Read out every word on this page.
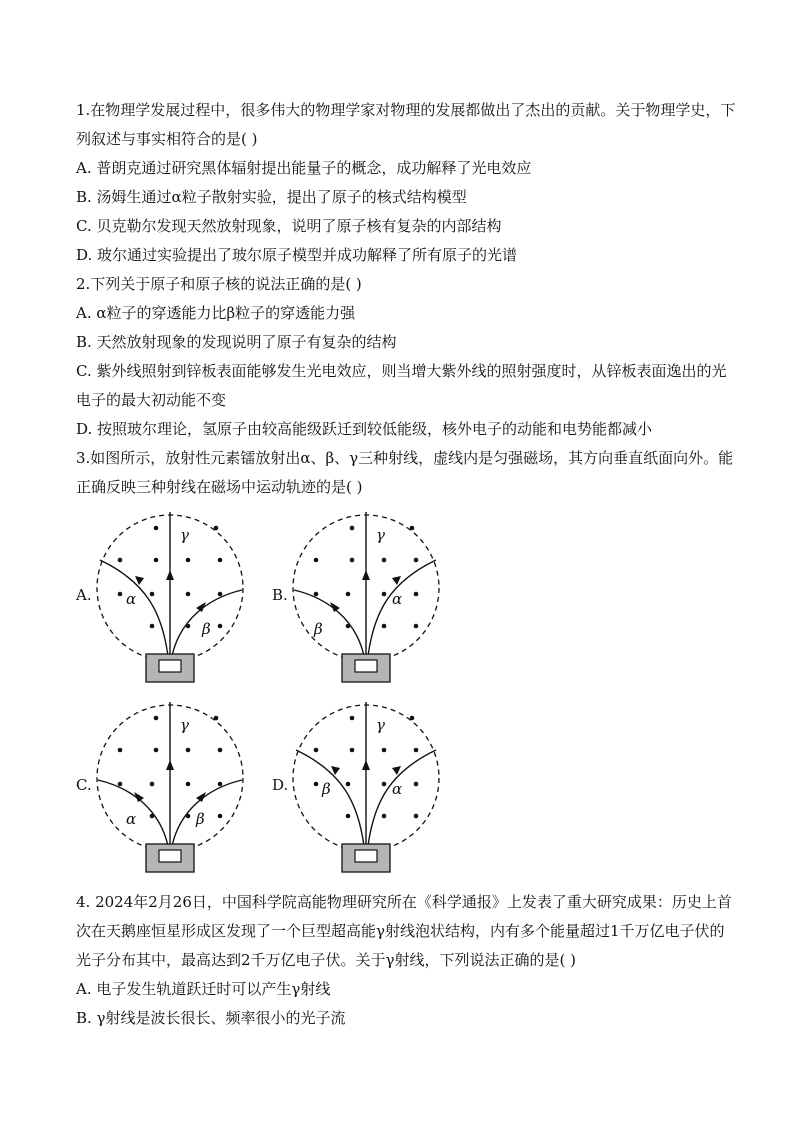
1.在物理学发展过程中，很多伟大的物理学家对物理的发展都做出了杰出的贡献。关于物理学史，下列叙述与事实相符合的是( )

A. 普朗克通过研究黑体辐射提出能量子的概念，成功解释了光电效应

B. 汤姆生通过α粒子散射实验，提出了原子的核式结构模型

C. 贝克勒尔发现天然放射现象，说明了原子核有复杂的内部结构

D. 玻尔通过实验提出了玻尔原子模型并成功解释了所有原子的光谱

2.下列关于原子和原子核的说法正确的是( )

A. α粒子的穿透能力比β粒子的穿透能力强

B. 天然放射现象的发现说明了原子有复杂的结构

C. 紫外线照射到锌板表面能够发生光电效应，则当增大紫外线的照射强度时，从锌板表面逸出的光电子的最大初动能不变

D. 按照玻尔理论，氢原子由较高能级跃迁到较低能级，核外电子的动能和电势能都减小

3.如图所示，放射性元素镭放射出α、β、γ三种射线，虚线内是匀强磁场，其方向垂直纸面向外。能正确反映三种射线在磁场中运动轨迹的是( )

A.
γ
α
β
B.
γ
β
α
C.
γ
α	β
D.
γ
β	α

4. 2024年2月26日，中国科学院高能物理研究所在《科学通报》上发表了重大研究成果：历史上首次在天鹅座恒星形成区发现了一个巨型超高能γ射线泡状结构，内有多个能量超过1千万亿电子伏的光子分布其中，最高达到2千万亿电子伏。关于γ射线，下列说法正确的是( )

A. 电子发生轨道跃迁时可以产生γ射线

B. γ射线是波长很长、频率很小的光子流
